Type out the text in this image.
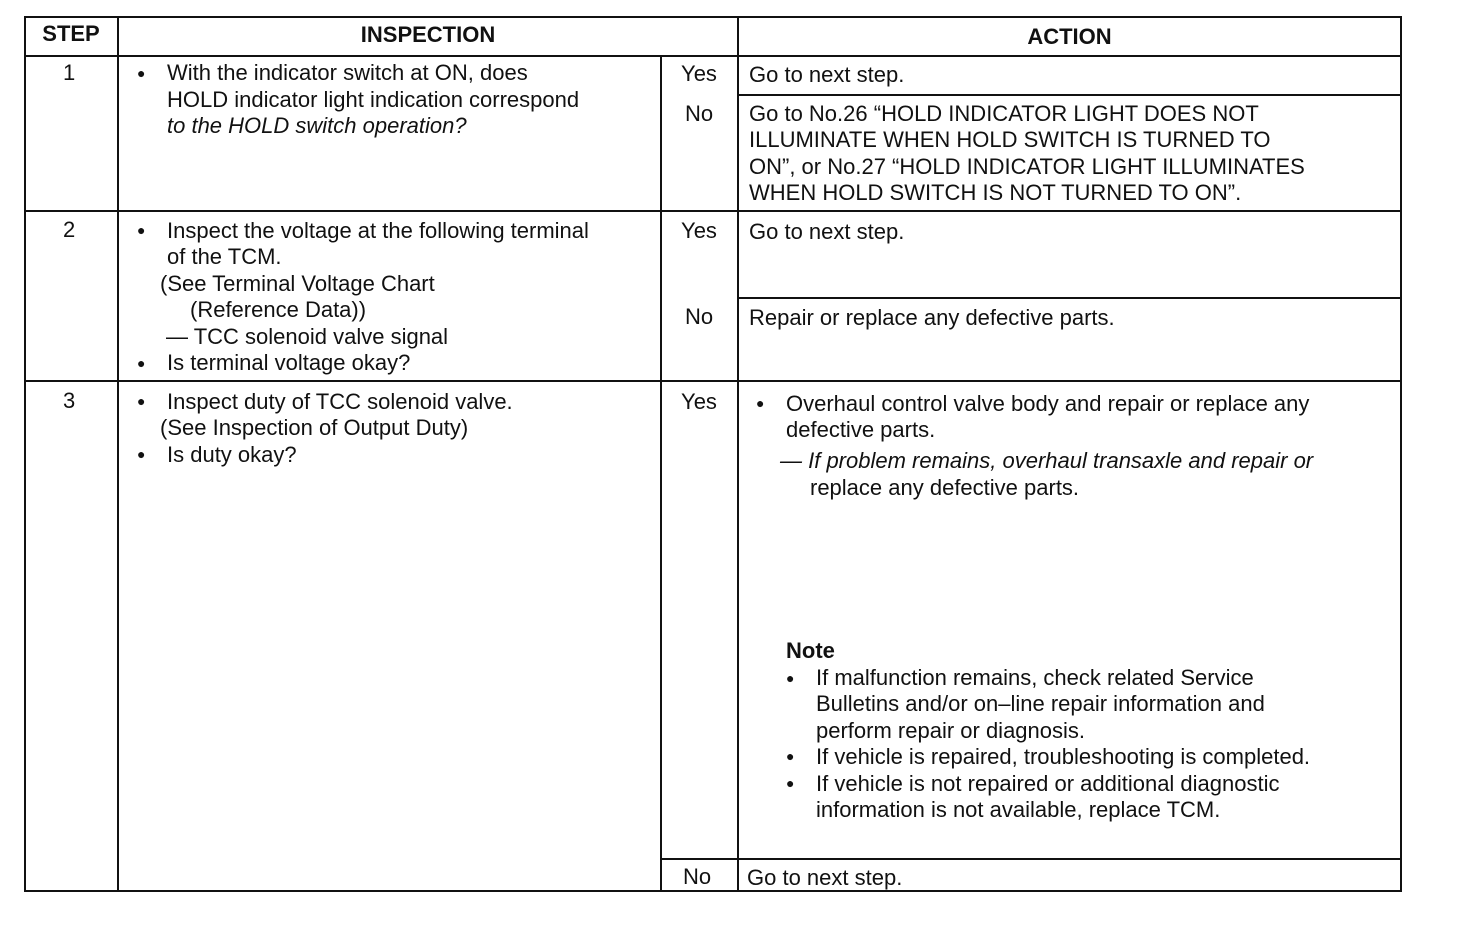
STEP	INSPECTION	ACTION
1 ●	With the indicator switch at ON, does
HOLD indicator light indication correspond
to the HOLD switch operation?
Yes	Go to next step.
No	Go to No.26 “HOLD INDICATOR LIGHT DOES NOT
ILLUMINATE WHEN HOLD SWITCH IS TURNED TO
ON”, or No.27 “HOLD INDICATOR LIGHT ILLUMINATES
WHEN HOLD SWITCH IS NOT TURNED TO ON”.
2 ●	Inspect the voltage at the following terminal
of the TCM.
(See Terminal Voltage Chart
(Reference Data))
— TCC solenoid valve signal
●
Is terminal voltage okay?
Yes	Go to next step.
No	Repair or replace any defective parts.
3 ●	Inspect duty of TCC solenoid valve.
(See Inspection of Output Duty)
●
Is duty okay?
Yes ●	Overhaul control valve body and repair or replace any
defective parts.
— If problem remains, overhaul transaxle and repair or
replace any defective parts.
Note
●
If malfunction remains, check related Service
Bulletins and/or on–line repair information and
perform repair or diagnosis.
●
If vehicle is repaired, troubleshooting is completed.
●
If vehicle is not repaired or additional diagnostic
information is not available, replace TCM.
No	Go to next step.
